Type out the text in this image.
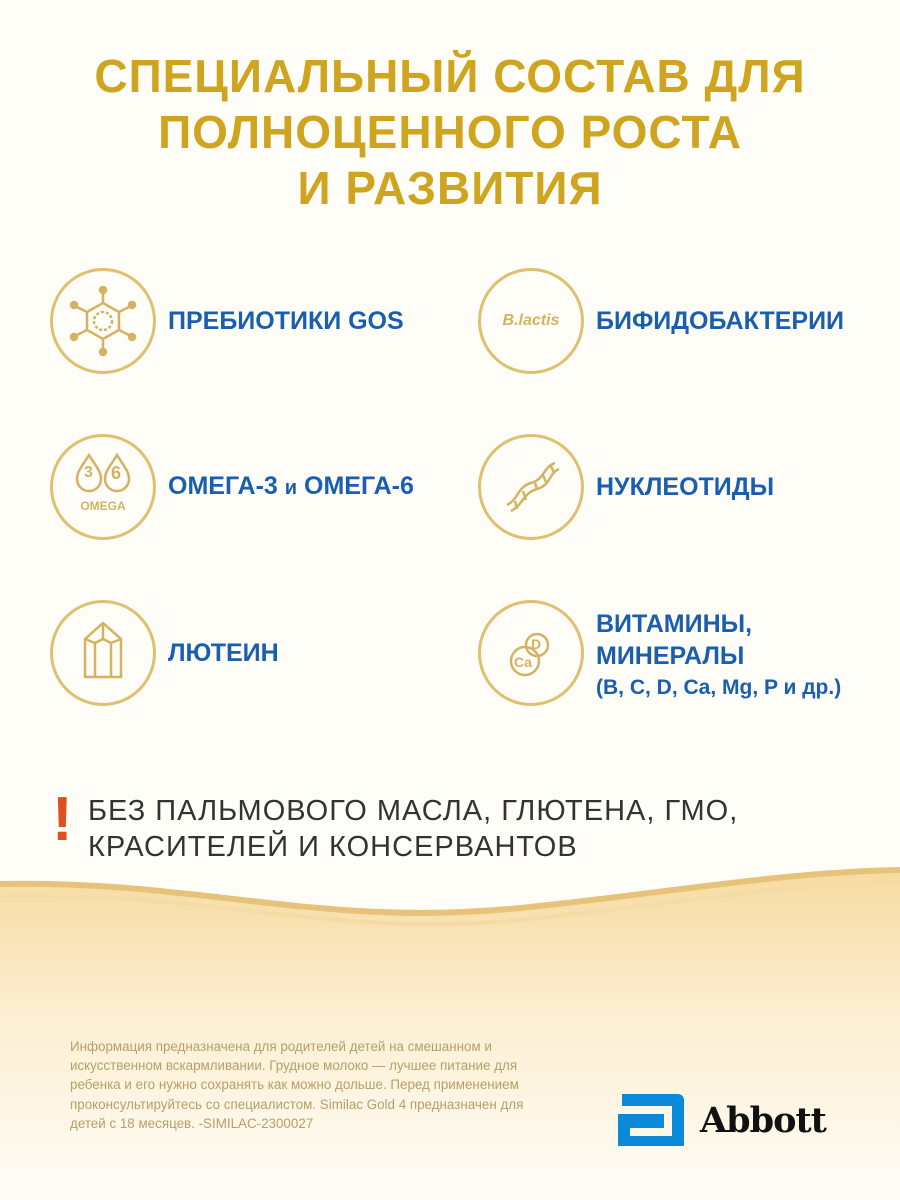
СПЕЦИАЛЬНЫЙ СОСТАВ ДЛЯ
ПОЛНОЦЕННОГО РОСТА
И РАЗВИТИЯ
ПРЕБИОТИКИ GOS	B.lactis БИФИДОБАКТЕРИИ
3 6
OMEGA
ОМЕГА-3 и ОМЕГА-6	НУКЛЕОТИДЫ
ЛЮТЕИН	D
Ca
ВИТАМИНЫ,
МИНЕРАЛЫ
(B, C, D, Ca, Mg, P и др.)
! БЕЗ ПАЛЬМОВОГО МАСЛА, ГЛЮТЕНА, ГМО,
КРАСИТЕЛЕЙ И КОНСЕРВАНТОВ
Информация предназначена для родителей детей на смешанном и
искусственном вскармливании. Грудное молоко — лучшее питание для
ребенка и его нужно сохранять как можно дольше. Перед применением
проконсультируйтесь со специалистом. Similac Gold 4 предназначен для
детей с 18 месяцев. -SIMILAC-2300027	Abbott
